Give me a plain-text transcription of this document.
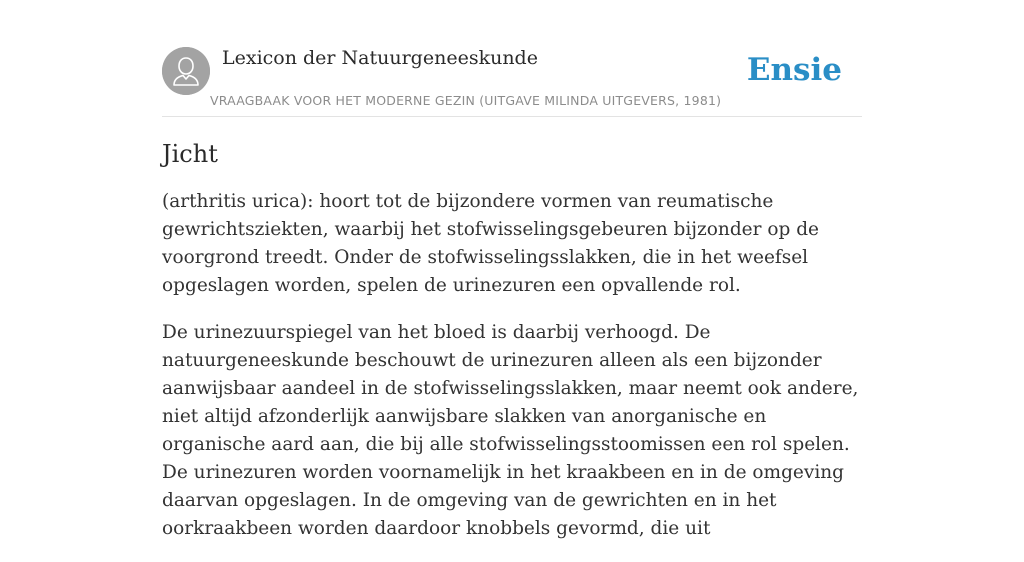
Lexicon der Natuurgeneeskunde
VRAAGBAAK VOOR HET MODERNE GEZIN (UITGAVE MILINDA UITGEVERS, 1981)
Ensie
Jicht

(arthritis urica): hoort tot de bijzondere vormen van reumatische gewrichtsziekten, waarbij het stofwisselingsgebeuren bijzonder op de voorgrond treedt. Onder de stofwisselingsslakken, die in het weefsel opgeslagen worden, spelen de urinezuren een opvallende rol.

De urinezuurspiegel van het bloed is daarbij verhoogd. De natuurgeneeskunde beschouwt de urinezuren alleen als een bijzonder aanwijsbaar aandeel in de stofwisselingsslakken, maar neemt ook andere, niet altijd afzonderlijk aanwijsbare slakken van anorganische en organische aard aan, die bij alle stofwisselingsstoomissen een rol spelen. De urinezuren worden voornamelijk in het kraakbeen en in de omgeving daarvan opgeslagen. In de omgeving van de gewrichten en in het oorkraakbeen worden daardoor knobbels gevormd, die uit
